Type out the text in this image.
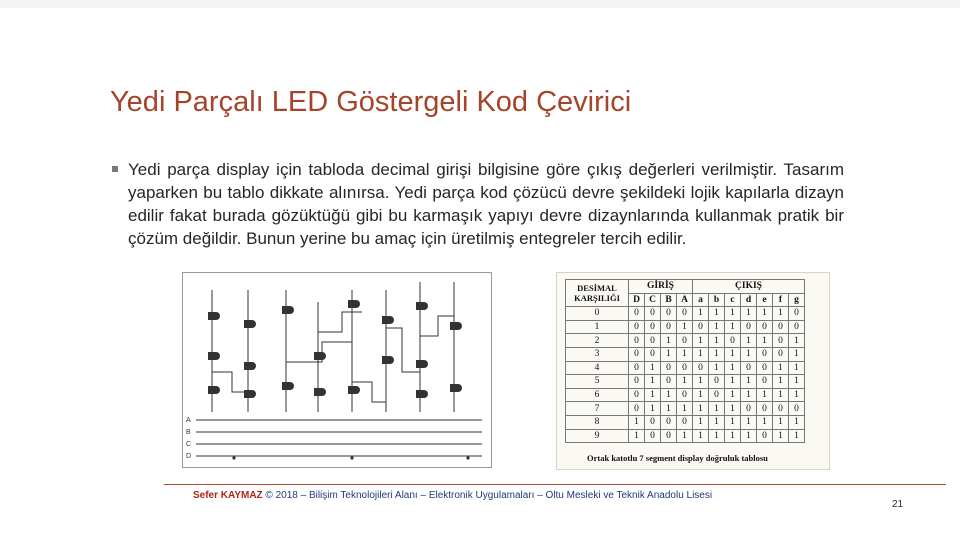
Yedi Parçalı LED Göstergeli Kod Çevirici
Yedi parça display için tabloda decimal girişi bilgisine göre çıkış değerleri verilmiştir. Tasarım yaparken bu tablo dikkate alınırsa. Yedi parça kod çözücü devre şekildeki lojik kapılarla dizayn edilir fakat burada gözüktüğü gibi bu karmaşık yapıyı devre dizaynlarında kullanmak pratik bir çözüm değildir. Bunun yerine bu amaç için üretilmiş entegreler tercih edilir.
A
B
C
D
DESİMAL KARŞILIĞI	GİRİŞ				ÇIKIŞ						
	D	C	B	A	a	b	c	d	e	f	g
0	0	0	0	0	1	1	1	1	1	1	0
1	0	0	0	1	0	1	1	0	0	0	0
2	0	0	1	0	1	1	0	1	1	0	1
3	0	0	1	1	1	1	1	1	0	0	1
4	0	1	0	0	0	1	1	0	0	1	1
5	0	1	0	1	1	0	1	1	0	1	1
6	0	1	1	0	1	0	1	1	1	1	1
7	0	1	1	1	1	1	1	0	0	0	0
8	1	0	0	0	1	1	1	1	1	1	1
9	1	0	0	1	1	1	1	1	0	1	1
Ortak katotlu 7 segment display doğruluk tablosu
Sefer KAYMAZ © 2018 – Bilişim Teknolojileri Alanı – Elektronik Uygulamaları – Oltu Mesleki ve Teknik Anadolu Lisesi
21
